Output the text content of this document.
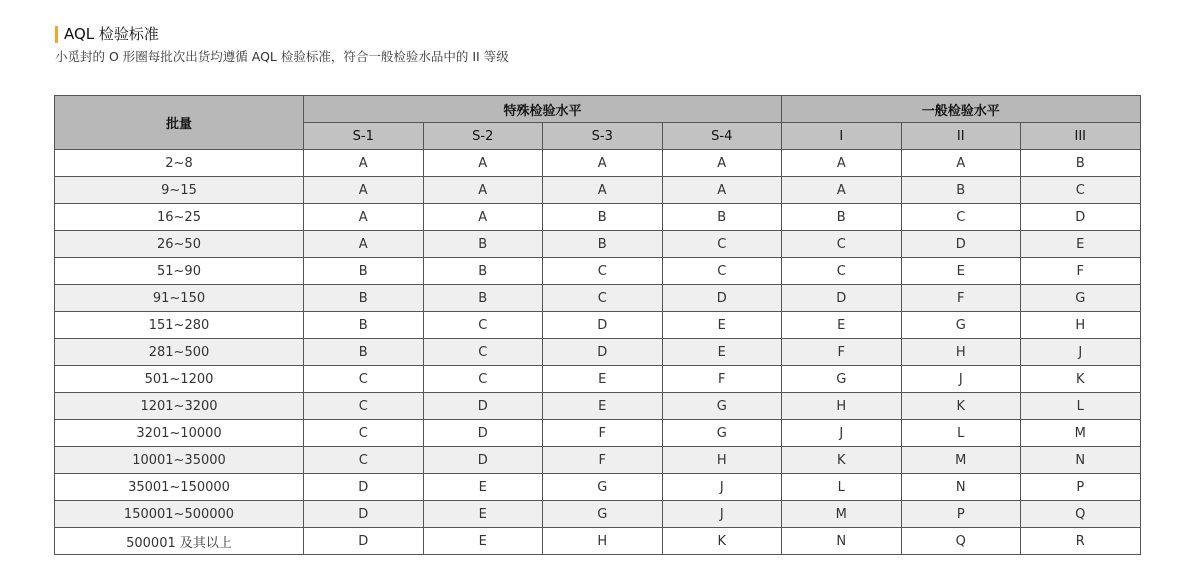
AQL 检验标准
小觅封的 O 形圈每批次出货均遵循 AQL 检验标准，符合一般检验水品中的 II 等级
批量	特殊检验水平				一般检验水平		
	S-1	S-2	S-3	S-4	I	II	III
2~8	A	A	A	A	A	A	B
9~15	A	A	A	A	A	B	C
16~25	A	A	B	B	B	C	D
26~50	A	B	B	C	C	D	E
51~90	B	B	C	C	C	E	F
91~150	B	B	C	D	D	F	G
151~280	B	C	D	E	E	G	H
281~500	B	C	D	E	F	H	J
501~1200	C	C	E	F	G	J	K
1201~3200	C	D	E	G	H	K	L
3201~10000	C	D	F	G	J	L	M
10001~35000	C	D	F	H	K	M	N
35001~150000	D	E	G	J	L	N	P
150001~500000	D	E	G	J	M	P	Q
500001 及其以上	D	E	H	K	N	Q	R
